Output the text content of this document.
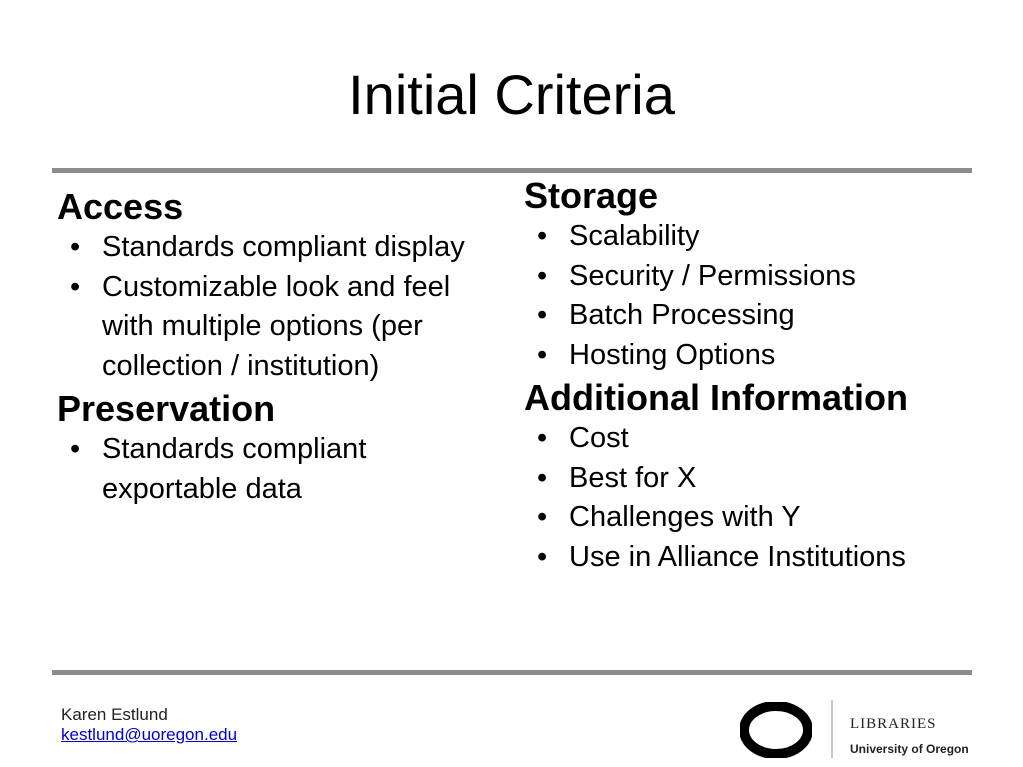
Initial Criteria
Access
• Standards compliant display
• Customizable look and feel with multiple options (per collection / institution)
Preservation
• Standards compliant exportable data
Storage
• Scalability
• Security / Permissions
• Batch Processing
• Hosting Options
Additional Information
• Cost
• Best for X
• Challenges with Y
• Use in Alliance Institutions
Karen Estlund
kestlund@uoregon.edu
LIBRARIES
University of Oregon
